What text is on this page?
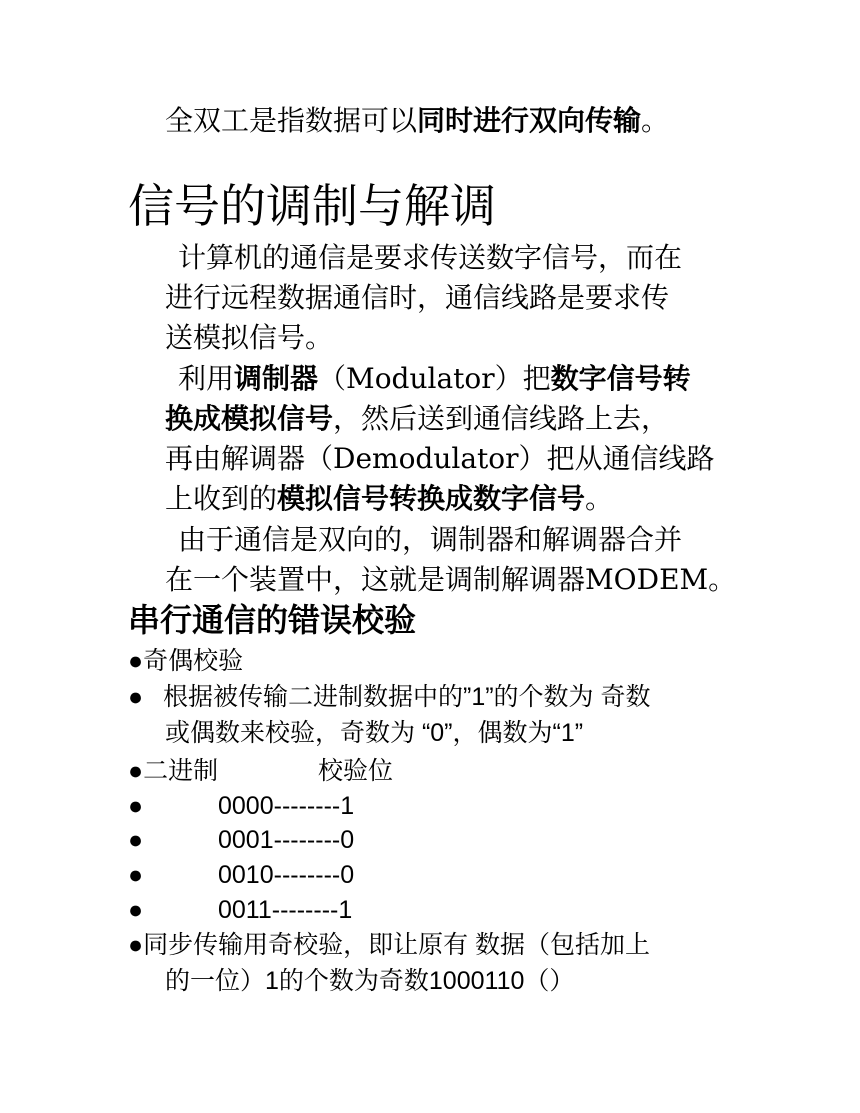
全双工是指数据可以同时进行双向传输。
信号的调制与解调
计算机的通信是要求传送数字信号，而在
进行远程数据通信时，通信线路是要求传
送模拟信号。
利用调制器（Modulator）把数字信号转
换成模拟信号，然后送到通信线路上去，
再由解调器（Demodulator）把从通信线路
上收到的模拟信号转换成数字信号。
由于通信是双向的，调制器和解调器合并
在一个装置中，这就是调制解调器MODEM。
串行通信的错误校验
●奇偶校验
● 根据被传输二进制数据中的”1”的个数为 奇数
或偶数来校验，奇数为 “0”，偶数为“1”
●二进制	校验位
●	0000--------1
●	0001--------0
●	0010--------0
●	0011--------1
●同步传输用奇校验，即让原有 数据（包括加上
的一位）1的个数为奇数1000110（）
